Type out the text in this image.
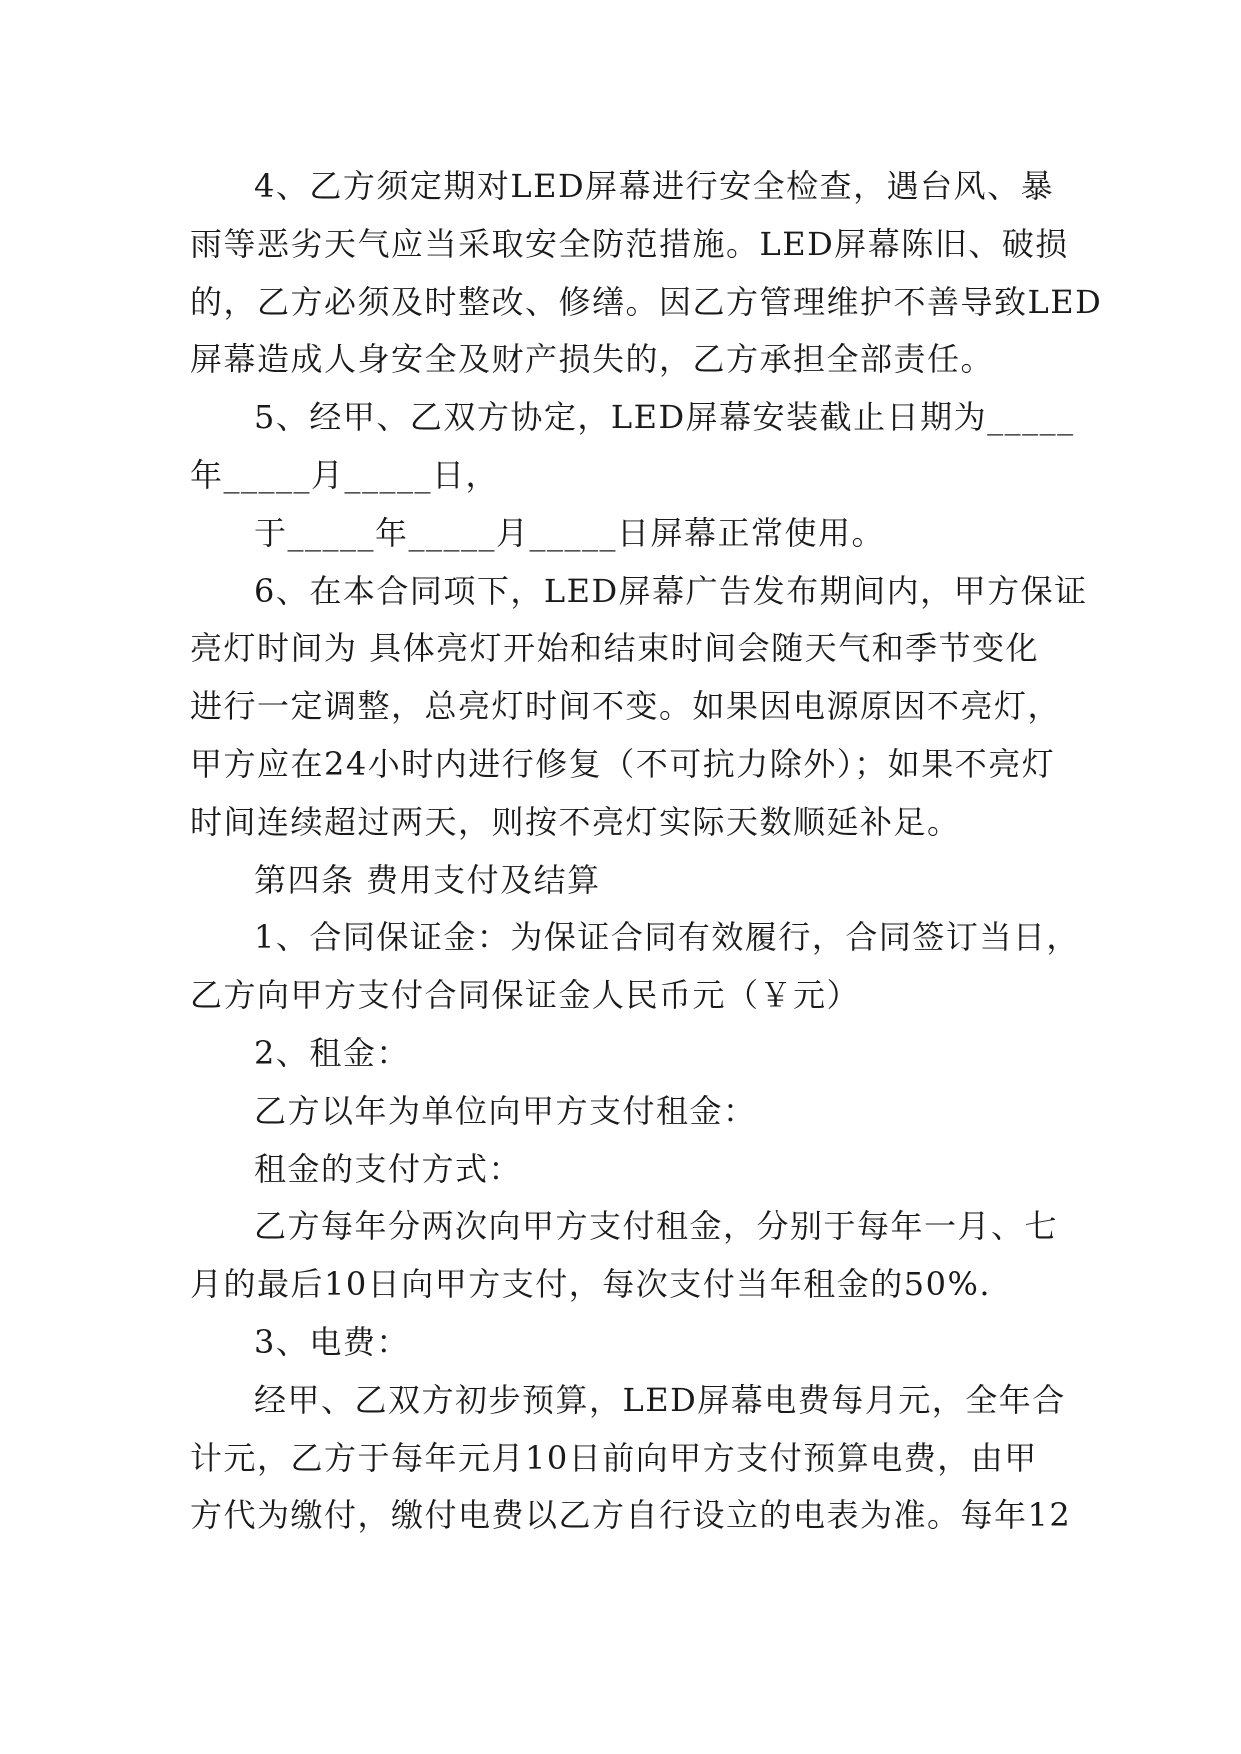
4、乙方须定期对LED屏幕进行安全检查，遇台风、暴
雨等恶劣天气应当采取安全防范措施。LED屏幕陈旧、破损
的，乙方必须及时整改、修缮。因乙方管理维护不善导致LED
屏幕造成人身安全及财产损失的，乙方承担全部责任。
5、经甲、乙双方协定，LED屏幕安装截止日期为_____
年_____月_____日，
于_____年_____月_____日屏幕正常使用。
6、在本合同项下，LED屏幕广告发布期间内，甲方保证
亮灯时间为 具体亮灯开始和结束时间会随天气和季节变化
进行一定调整，总亮灯时间不变。如果因电源原因不亮灯，
甲方应在24小时内进行修复（不可抗力除外）；如果不亮灯
时间连续超过两天，则按不亮灯实际天数顺延补足。
第四条 费用支付及结算
1、合同保证金：为保证合同有效履行，合同签订当日，
乙方向甲方支付合同保证金人民币元（￥元）
2、租金：
乙方以年为单位向甲方支付租金：
租金的支付方式：
乙方每年分两次向甲方支付租金，分别于每年一月、七
月的最后10日向甲方支付，每次支付当年租金的50%.
3、电费：
经甲、乙双方初步预算，LED屏幕电费每月元，全年合
计元，乙方于每年元月10日前向甲方支付预算电费，由甲
方代为缴付，缴付电费以乙方自行设立的电表为准。每年12
